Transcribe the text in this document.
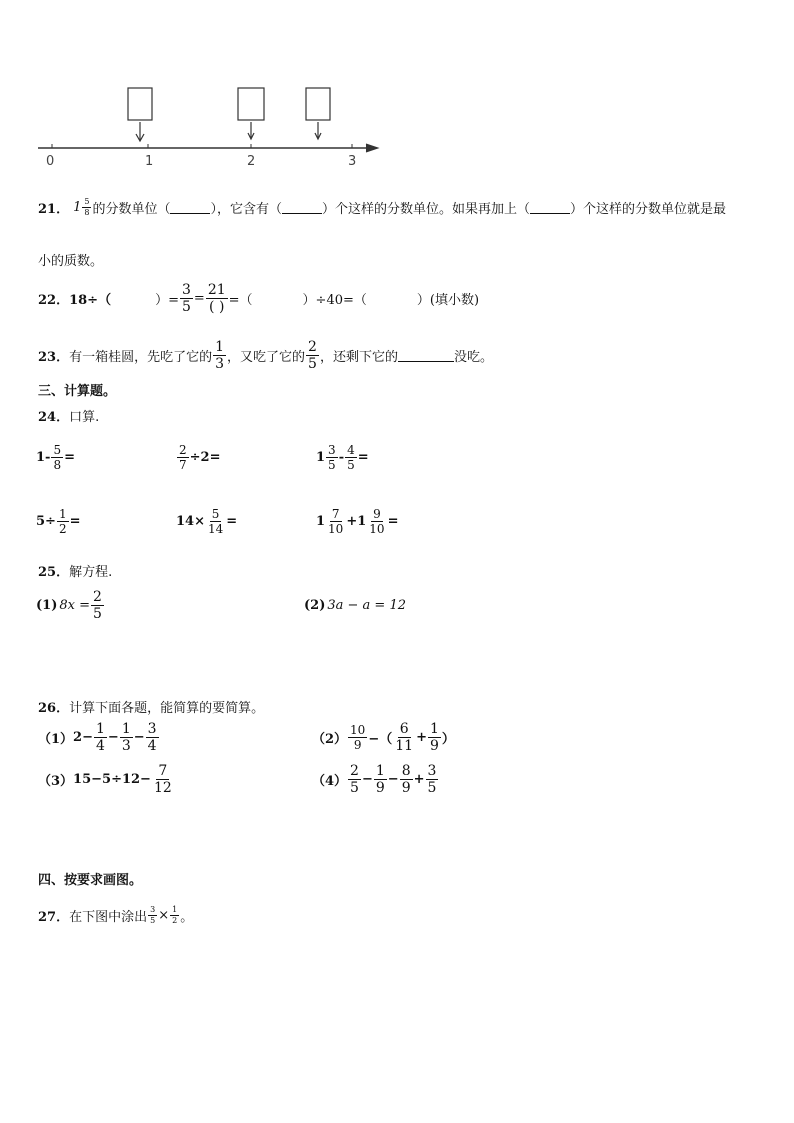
0	1	2	3
21． $1 \frac{5}{8}$ 的分数单位（	），它含有（	）个这样的分数单位。如果再加上（	）个这样的分数单位就是最
小的质数。
22． 18÷（	）= $\frac{3}{5} = \frac{21}{( )}$ =（	）÷40=（	）(填小数)
23． 有一箱桂圆，先吃了它的 $\frac{1}{3}$ ，又吃了它的 $\frac{2}{5}$ ，还剩下它的	没吃。
三、计算题。
24． 口算.
$1- \frac{5}{8}$ =	$\frac{2}{7} \div 2=$	$1 \frac{3}{5} - \frac{4}{5}$ =
$5\div \frac{1}{2}$ =	$14\times \frac{5}{14}$ =	$1 \frac{7}{10} +1 \frac{9}{10}$ =
25． 解方程.
(1) $8x = \frac{2}{5}$	(2) 3a − a = 12
26． 计算下面各题，能简算的要简算。
（1） $2- \frac{1}{4} - \frac{1}{3} - \frac{3}{4}$	$(2) \frac{10}{9}$ −（ $\frac{6}{11} + \frac{1}{9}$ ）
（3） $15-5\div 12- \frac{7}{12}$	$(4) \frac{2}{5} - \frac{1}{9} - \frac{8}{9} + \frac{3}{5}$
四、按要求画图。
27． 在下图中涂出 $\frac{3}{5} \times \frac{1}{2}$ 。
